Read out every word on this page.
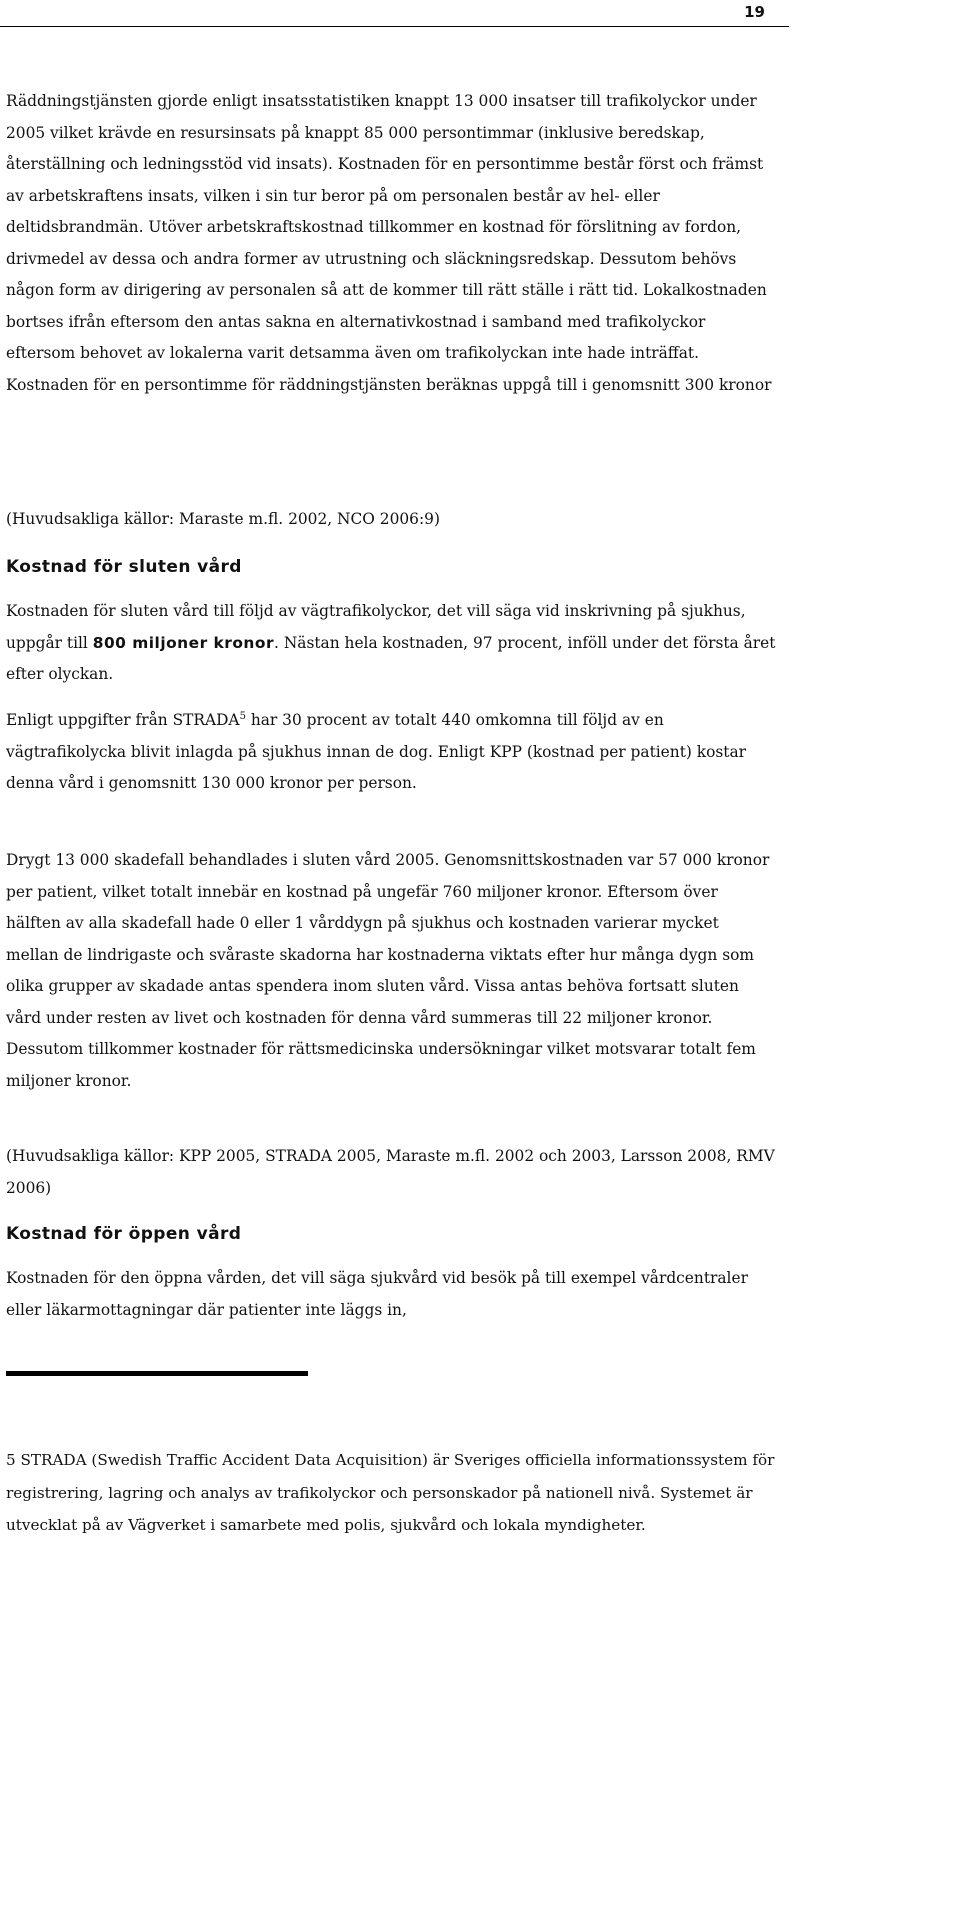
19

Räddningstjänsten gjorde enligt insatsstatistiken knappt 13 000 insatser till trafikolyckor under 2005 vilket krävde en resursinsats på knappt 85 000 persontimmar (inklusive beredskap, återställning och ledningsstöd vid insats). Kostnaden för en persontimme består först och främst av arbetskraftens insats, vilken i sin tur beror på om personalen består av hel- eller deltidsbrandmän. Utöver arbetskraftskostnad tillkommer en kostnad för förslitning av fordon, drivmedel av dessa och andra former av utrustning och släckningsredskap. Dessutom behövs någon form av dirigering av personalen så att de kommer till rätt ställe i rätt tid. Lokalkostnaden bortses ifrån eftersom den antas sakna en alternativkostnad i samband med trafikolyckor eftersom behovet av lokalerna varit detsamma även om trafikolyckan inte hade inträffat. Kostnaden för en persontimme för räddningstjänsten beräknas uppgå till i genomsnitt 300 kronor

(Huvudsakliga källor: Maraste m.fl. 2002, NCO 2006:9)

Kostnad för sluten vård

Kostnaden för sluten vård till följd av vägtrafikolyckor, det vill säga vid inskrivning på sjukhus, uppgår till 800 miljoner kronor. Nästan hela kostnaden, 97 procent, inföll under det första året efter olyckan.

Enligt uppgifter från STRADA$^5$ har 30 procent av totalt 440 omkomna till följd av en vägtrafikolycka blivit inlagda på sjukhus innan de dog. Enligt KPP (kostnad per patient) kostar denna vård i genomsnitt 130 000 kronor per person.

Drygt 13 000 skadefall behandlades i sluten vård 2005. Genomsnittskostnaden var 57 000 kronor per patient, vilket totalt innebär en kostnad på ungefär 760 miljoner kronor. Eftersom över hälften av alla skadefall hade 0 eller 1 vårddygn på sjukhus och kostnaden varierar mycket mellan de lindrigaste och svåraste skadorna har kostnaderna viktats efter hur många dygn som olika grupper av skadade antas spendera inom sluten vård. Vissa antas behöva fortsatt sluten vård under resten av livet och kostnaden för denna vård summeras till 22 miljoner kronor. Dessutom tillkommer kostnader för rättsmedicinska undersökningar vilket motsvarar totalt fem miljoner kronor.

(Huvudsakliga källor: KPP 2005, STRADA 2005, Maraste m.fl. 2002 och 2003, Larsson 2008, RMV 2006)

Kostnad för öppen vård

Kostnaden för den öppna vården, det vill säga sjukvård vid besök på till exempel vårdcentraler eller läkarmottagningar där patienter inte läggs in,

5 STRADA (Swedish Traffic Accident Data Acquisition) är Sveriges officiella informationssystem för registrering, lagring och analys av trafikolyckor och personskador på nationell nivå. Systemet är utvecklat på av Vägverket i samarbete med polis, sjukvård och lokala myndigheter.
